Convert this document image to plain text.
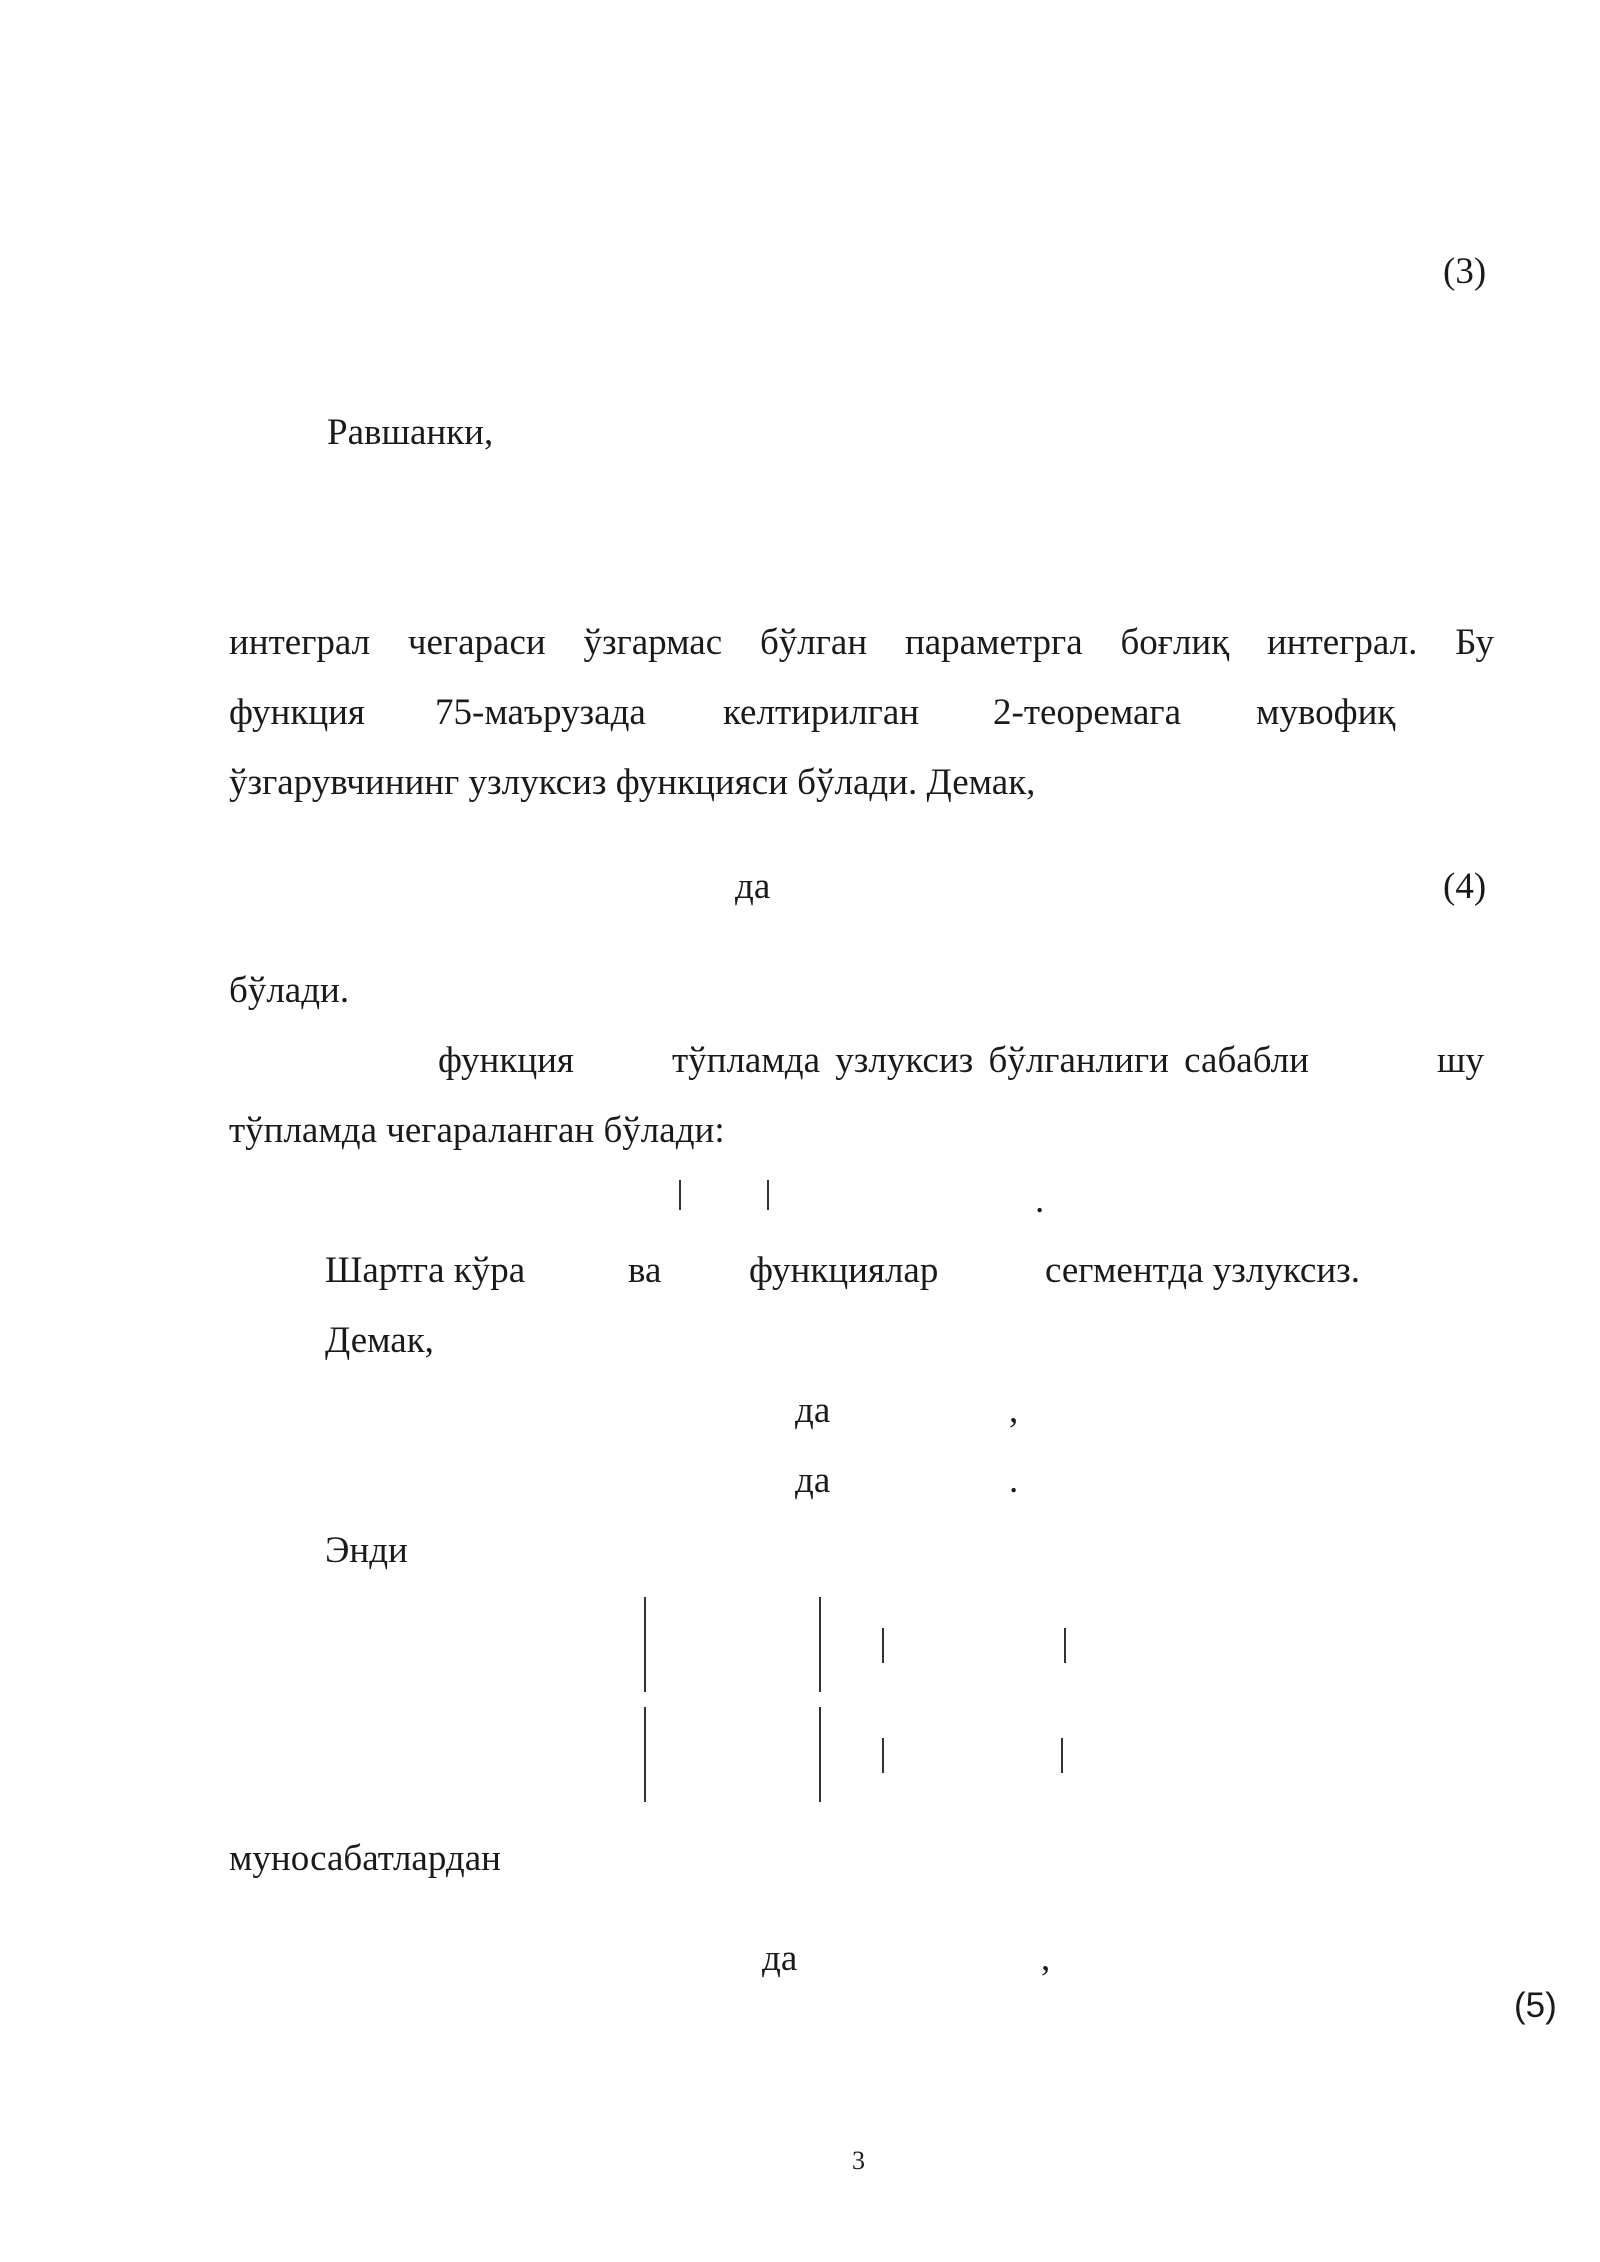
(3)
Равшанки,
интеграл чегараси ўзгармас бўлган параметрга боғлиқ интеграл. Бу
функция 75-маърузада келтирилган 2-теоремага мувофиқ
ўзгарувчининг узлуксиз функцияси бўлади. Демак,
да	(4)
бўлади.
функция	тўпламда узлуксиз бўлганлиги сабабли	шу
тўпламда чегараланган бўлади:
.
Шартга кўра	ва функциялар	сегментда узлуксиз.
Демак,
да	,
да	.
Энди
муносабатлардан
да	,
(5)
3
